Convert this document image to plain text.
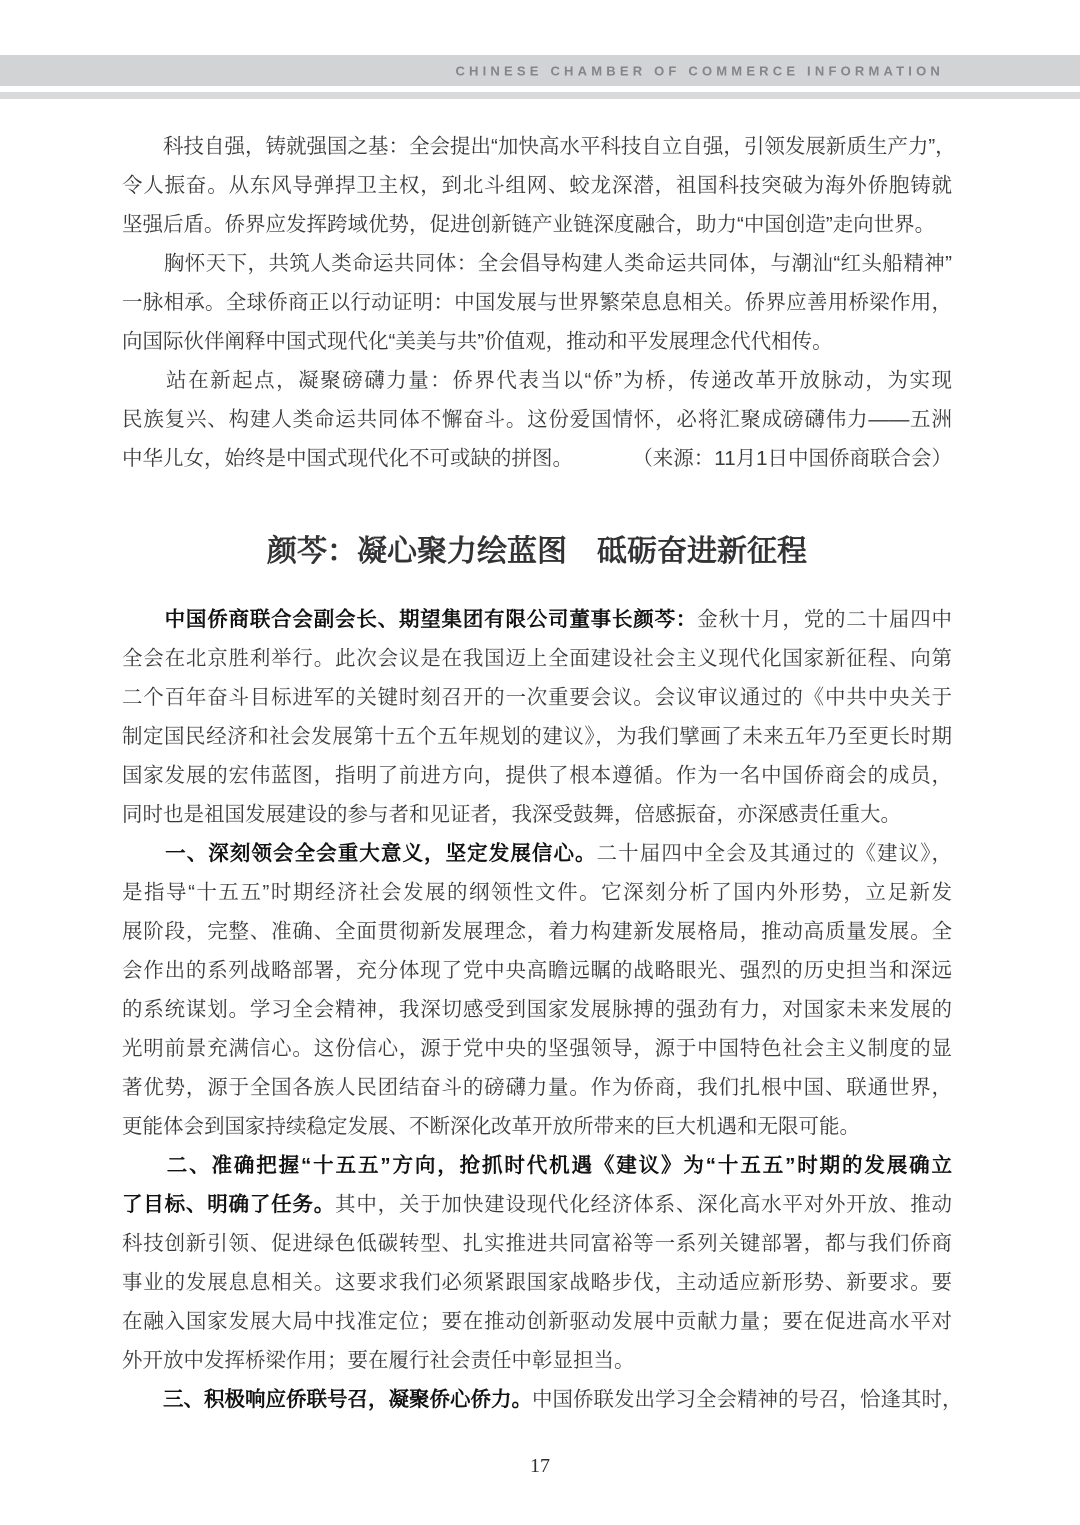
CHINESE CHAMBER OF COMMERCE INFORMATION
　　科技自强，铸就强国之基：全会提出“加快高水平科技自立自强，引领发展新质生产力”，
令人振奋。从东风导弹捍卫主权，到北斗组网、蛟龙深潜，祖国科技突破为海外侨胞铸就
坚强后盾。侨界应发挥跨域优势，促进创新链产业链深度融合，助力“中国创造”走向世界。
　　胸怀天下，共筑人类命运共同体：全会倡导构建人类命运共同体，与潮汕“红头船精神”
一脉相承。全球侨商正以行动证明：中国发展与世界繁荣息息相关。侨界应善用桥梁作用，
向国际伙伴阐释中国式现代化“美美与共”价值观，推动和平发展理念代代相传。
　　站在新起点，凝聚磅礴力量：侨界代表当以“侨”为桥，传递改革开放脉动，为实现
民族复兴、构建人类命运共同体不懈奋斗。这份爱国情怀，必将汇聚成磅礴伟力——五洲
中华儿女，始终是中国式现代化不可或缺的拼图。	（来源：11月1日中国侨商联合会）
颜芩：凝心聚力绘蓝图　砥砺奋进新征程
　　中国侨商联合会副会长、期望集团有限公司董事长颜芩：金秋十月，党的二十届四中
全会在北京胜利举行。此次会议是在我国迈上全面建设社会主义现代化国家新征程、向第
二个百年奋斗目标进军的关键时刻召开的一次重要会议。会议审议通过的《中共中央关于
制定国民经济和社会发展第十五个五年规划的建议》，为我们擘画了未来五年乃至更长时期
国家发展的宏伟蓝图，指明了前进方向，提供了根本遵循。作为一名中国侨商会的成员，
同时也是祖国发展建设的参与者和见证者，我深受鼓舞，倍感振奋，亦深感责任重大。
　　一、深刻领会全会重大意义，坚定发展信心。二十届四中全会及其通过的《建议》，
是指导“十五五”时期经济社会发展的纲领性文件。它深刻分析了国内外形势，立足新发
展阶段，完整、准确、全面贯彻新发展理念，着力构建新发展格局，推动高质量发展。全
会作出的系列战略部署，充分体现了党中央高瞻远瞩的战略眼光、强烈的历史担当和深远
的系统谋划。学习全会精神，我深切感受到国家发展脉搏的强劲有力，对国家未来发展的
光明前景充满信心。这份信心，源于党中央的坚强领导，源于中国特色社会主义制度的显
著优势，源于全国各族人民团结奋斗的磅礴力量。作为侨商，我们扎根中国、联通世界，
更能体会到国家持续稳定发展、不断深化改革开放所带来的巨大机遇和无限可能。
　　二、准确把握“十五五”方向，抢抓时代机遇《建议》为“十五五”时期的发展确立
了目标、明确了任务。其中，关于加快建设现代化经济体系、深化高水平对外开放、推动
科技创新引领、促进绿色低碳转型、扎实推进共同富裕等一系列关键部署，都与我们侨商
事业的发展息息相关。这要求我们必须紧跟国家战略步伐，主动适应新形势、新要求。要
在融入国家发展大局中找准定位；要在推动创新驱动发展中贡献力量；要在促进高水平对
外开放中发挥桥梁作用；要在履行社会责任中彰显担当。
　　三、积极响应侨联号召，凝聚侨心侨力。中国侨联发出学习全会精神的号召，恰逢其时，
17
